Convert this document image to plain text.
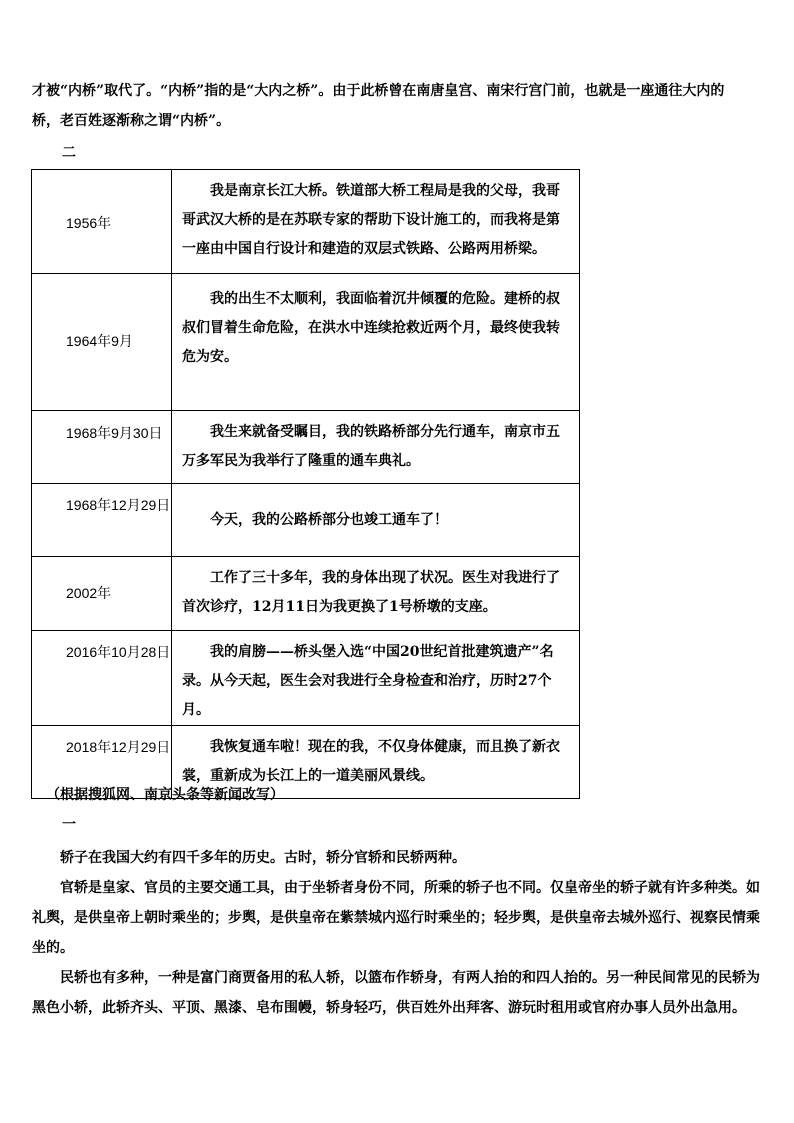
才被“内桥”取代了。“内桥”指的是“大内之桥”。由于此桥曾在南唐皇宫、南宋行宫门前，也就是一座通往大内的
桥，老百姓逐渐称之谓“内桥”。

二
1956年	我是南京长江大桥。铁道部大桥工程局是我的父母，我哥哥武汉大桥的是在苏联专家的帮助下设计施工的，而我将是第一座由中国自行设计和建造的双层式铁路、公路两用桥梁。

1964年9月	我的出生不太顺利，我面临着沉井倾覆的危险。建桥的叔叔们冒着生命危险，在洪水中连续抢救近两个月，最终使我转危为安。

1968年9月30日	我生来就备受瞩目，我的铁路桥部分先行通车，南京市五万多军民为我举行了隆重的通车典礼。

1968年12月29日	今天，我的公路桥部分也竣工通车了！

2002年	工作了三十多年，我的身体出现了状况。医生对我进行了首次诊疗，12月11日为我更换了1号桥墩的支座。

2016年10月28日	我的肩膀——桥头堡入选“中国20世纪首批建筑遗产”名录。从今天起，医生会对我进行全身检查和治疗，历时27个月。

2018年12月29日	我恢复通车啦！现在的我，不仅身体健康，而且换了新衣裳，重新成为长江上的一道美丽风景线。
（根据搜狐网、南京头条等新闻改写）
一
轿子在我国大约有四千多年的历史。古时，轿分官轿和民轿两种。
官轿是皇家、官员的主要交通工具，由于坐轿者身份不同，所乘的轿子也不同。仅皇帝坐的轿子就有许多种类。如礼舆，是供皇帝上朝时乘坐的；步舆，是供皇帝在紫禁城内巡行时乘坐的；轻步舆，是供皇帝去城外巡行、视察民情乘坐的。
民轿也有多种，一种是富门商贾备用的私人轿，以篮布作轿身，有两人抬的和四人抬的。另一种民间常见的民轿为黑色小轿，此轿齐头、平顶、黑漆、皂布围幔，轿身轻巧，供百姓外出拜客、游玩时租用或官府办事人员外出急用。
